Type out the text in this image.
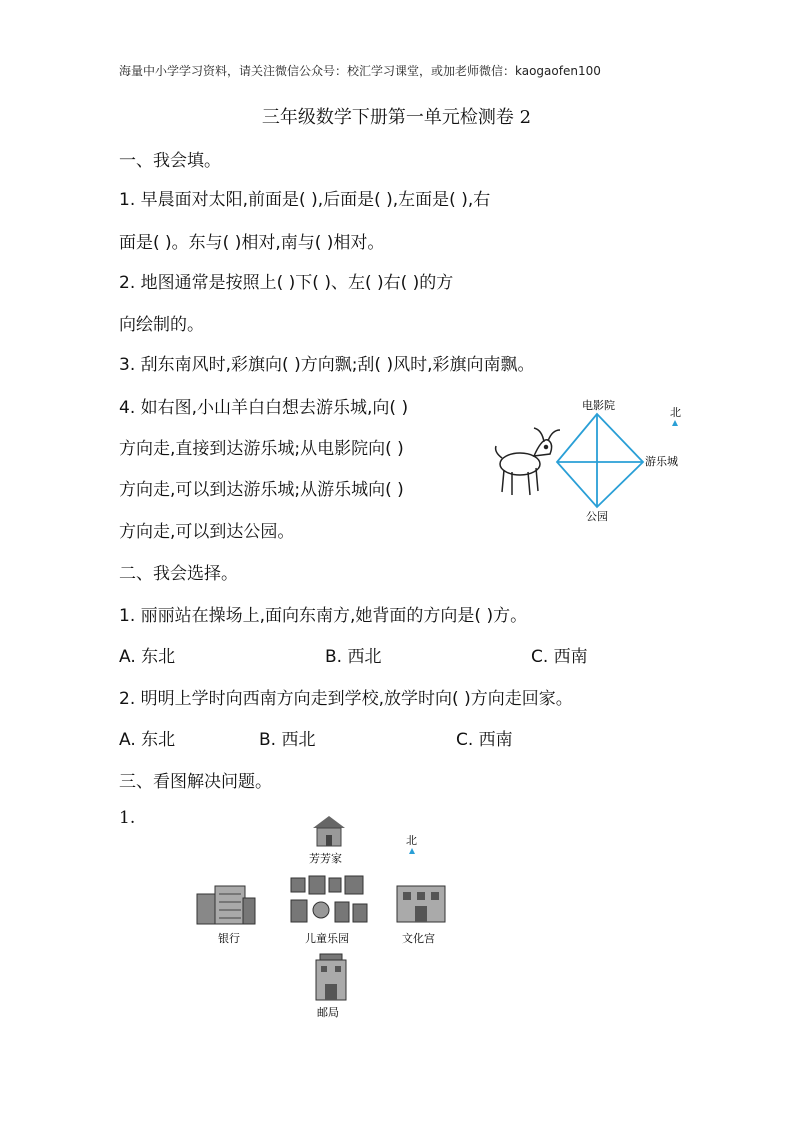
海量中小学学习资料，请关注微信公众号：校汇学习课堂，或加老师微信：kaogaofen100
三年级数学下册第一单元检测卷 2
一、我会填。
1. 早晨面对太阳,前面是( ),后面是( ),左面是( ),右
面是( )。东与( )相对,南与( )相对。
2. 地图通常是按照上( )下( )、左( )右( )的方
向绘制的。
3. 刮东南风时,彩旗向( )方向飘;刮( )风时,彩旗向南飘。
4. 如右图,小山羊白白想去游乐城,向( )
方向走,直接到达游乐城;从电影院向( )
方向走,可以到达游乐城;从游乐城向( )
方向走,可以到达公园。
电影院
游乐城
公园
北
二、我会选择。
1. 丽丽站在操场上,面向东南方,她背面的方向是( )方。
A. 东北	B. 西北	C. 西南
2. 明明上学时向西南方向走到学校,放学时向( )方向走回家。
A. 东北	B. 西北	C. 西南
三、看图解决问题。
1.
芳芳家
北
银行	儿童乐园	文化宫
邮局
